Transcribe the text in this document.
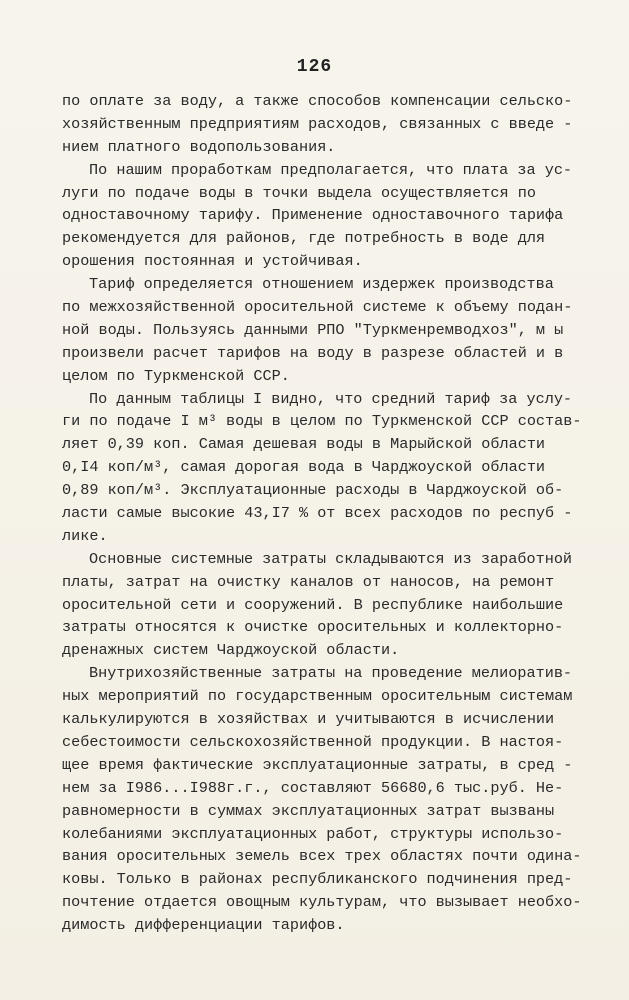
126
по оплате за воду, а также способов компенсации сельско-
хозяйственным предприятиям расходов, связанных с введе -
нием платного водопользования.
По нашим проработкам предполагается, что плата за ус-
луги по подаче воды в точки выдела осуществляется по
одноставочному тарифу. Применение одноставочного тарифа
рекомендуется для районов, где потребность в воде для
орошения постоянная и устойчивая.
Тариф определяется отношением издержек производства
по межхозяйственной оросительной системе к объему подан-
ной воды. Пользуясь данными РПО "Туркменремводхоз", м ы
произвели расчет тарифов на воду в разрезе областей и в
целом по Туркменской ССР.
По данным таблицы I видно, что средний тариф за услу-
ги по подаче I м³ воды в целом по Туркменской ССР состав-
ляет 0,39 коп. Самая дешевая воды в Марыйской области
0,I4 коп/м³, самая дорогая вода в Чарджоуской области
0,89 коп/м³. Эксплуатационные расходы в Чарджоуской об-
ласти самые высокие 43,I7 % от всех расходов по респуб -
лике.
Основные системные затраты складываются из заработной
платы, затрат на очистку каналов от наносов, на ремонт
оросительной сети и сооружений. В республике наибольшие
затраты относятся к очистке оросительных и коллекторно-
дренажных систем Чарджоуской области.
Внутрихозяйственные затраты на проведение мелиоратив-
ных мероприятий по государственным оросительным системам
калькулируются в хозяйствах и учитываются в исчислении
себестоимости сельскохозяйственной продукции. В настоя-
щее время фактические эксплуатационные затраты, в сред -
нем за I986...I988г.г., составляют 56680,6 тыс.руб. Не-
равномерности в суммах эксплуатационных затрат вызваны
колебаниями эксплуатационных работ, структуры использо-
вания оросительных земель всех трех областях почти одина-
ковы. Только в районах республиканского подчинения пред-
почтение отдается овощным культурам, что вызывает необхо-
димость дифференциации тарифов.
